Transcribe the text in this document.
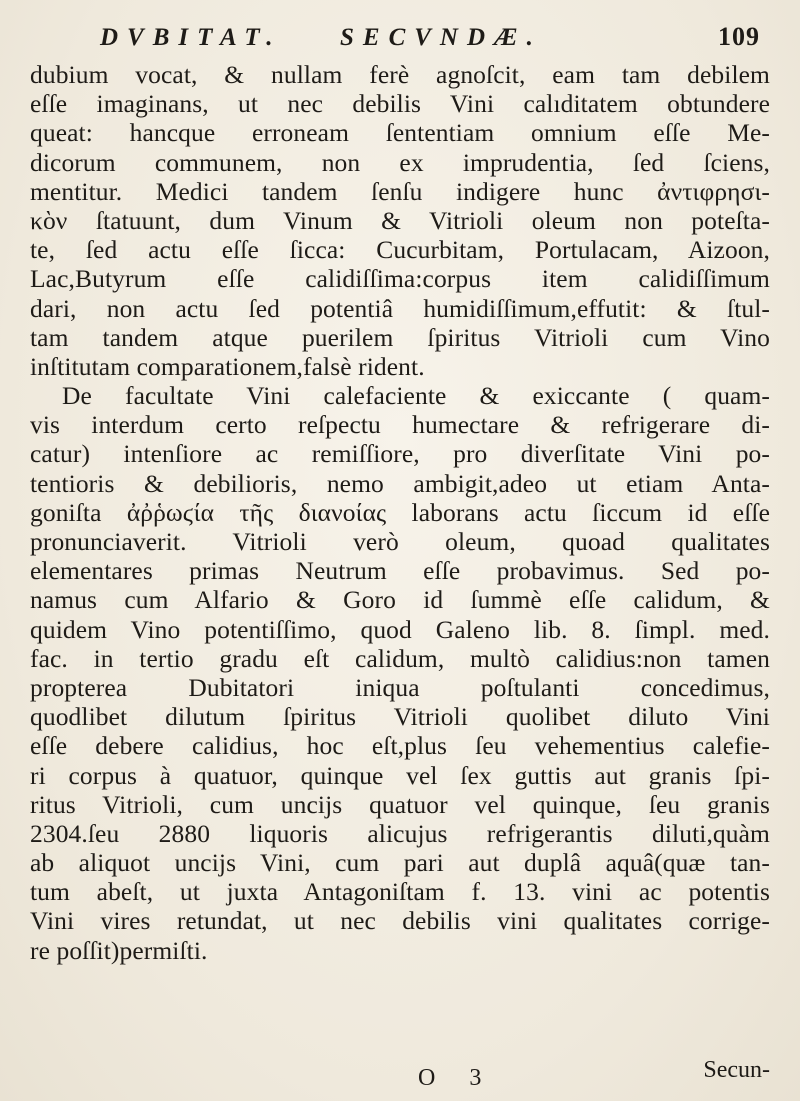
DVBITAT. SECVNDÆ.	109
dubium vocat, & nullam ferè agnoſcit, eam tam debilem
eſſe imaginans, ut nec debilis Vini calıditatem obtundere
queat: hancque erroneam ſententiam omnium eſſe Me-
dicorum communem, non ex imprudentia, ſed ſciens,
mentitur. Medici tandem ſenſu indigere hunc ἀντιφρησι-
κὸν ſtatuunt, dum Vinum & Vitrioli oleum non poteſta-
te, ſed actu eſſe ſicca: Cucurbitam, Portulacam, Aizoon,
Lac,Butyrum eſſe calidiſſima:corpus item calidiſſimum
dari, non actu ſed potentiâ humidiſſimum,effutit: & ſtul-
tam tandem atque puerilem ſpiritus Vitrioli cum Vino
inſtitutam comparationem,falsè rident.
De facultate Vini calefaciente & exiccante ( quam-
vis interdum certo reſpectu humectare & refrigerare di-
catur) intenſiore ac remiſſiore, pro diverſitate Vini po-
tentioris & debilioris, nemo ambigit,adeo ut etiam Anta-
goniſta ἀῤῥωϛία τῆς διανοίας laborans actu ſiccum id eſſe
pronunciaverit. Vitrioli verò oleum, quoad qualitates
elementares primas Neutrum eſſe probavimus. Sed po-
namus cum Alfario & Goro id ſummè eſſe calidum, &
quidem Vino potentiſſimo, quod Galeno lib. 8. ſimpl. med.
fac. in tertio gradu eſt calidum, multò calidius:non tamen
propterea Dubitatori iniqua poſtulanti concedimus,
quodlibet dilutum ſpiritus Vitrioli quolibet diluto Vini
eſſe debere calidius, hoc eſt,plus ſeu vehementius calefie-
ri corpus à quatuor, quinque vel ſex guttis aut granis ſpi-
ritus Vitrioli, cum uncijs quatuor vel quinque, ſeu granis
2304.ſeu 2880 liquoris alicujus refrigerantis diluti,quàm
ab aliquot uncijs Vini, cum pari aut duplâ aquâ(quæ tan-
tum abeſt, ut juxta Antagoniſtam f. 13. vini ac potentis
Vini vires retundat, ut nec debilis vini qualitates corrige-
re poſſit)permiſti.
O 3	Secun-
